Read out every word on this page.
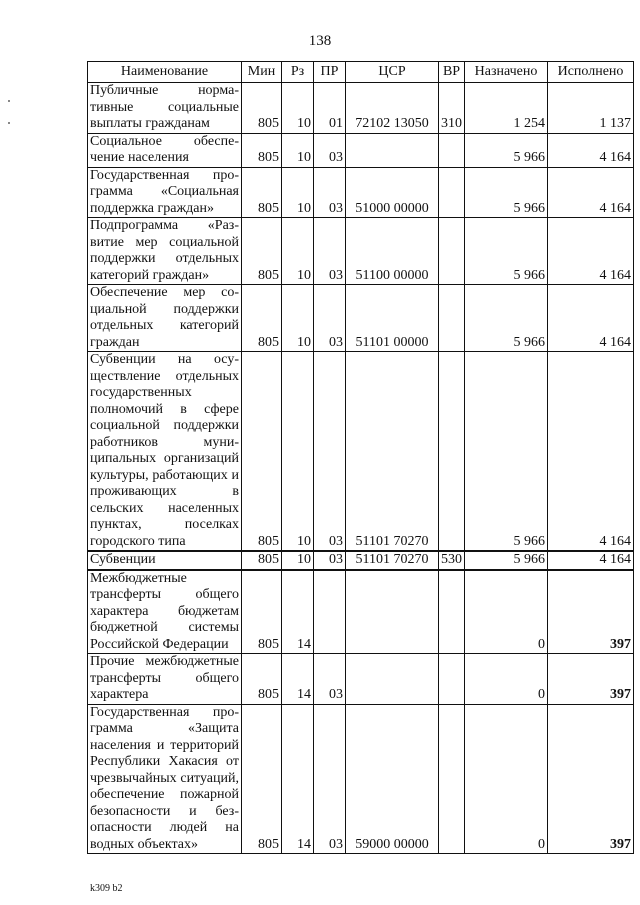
138
Наименование	Мин	Рз	ПР	ЦСР	ВР	Назначено	Исполнено
Публичные нормативные социальные выплаты гражданам	805	10	01	72102 13050	310	1 254	1 137
Социальное обеспечение населения	805	10	03			5 966	4 164
Государственная программа «Социальная поддержка граждан»	805	10	03	51000 00000		5 966	4 164
Подпрограмма «Развитие мер социальной поддержки отдельных категорий граждан»	805	10	03	51100 00000		5 966	4 164
Обеспечение мер социальной поддержки отдельных категорий граждан	805	10	03	51101 00000		5 966	4 164
Субвенции на осуществление отдельных государственных полномочий в сфере социальной поддержки работников муниципальных организаций культуры, работающих и проживающих в сельских населенных пунктах, поселках городского типа	805	10	03	51101 70270		5 966	4 164
Субвенции	805	10	03	51101 70270	530	5 966	4 164
Межбюджетные трансферты общего характера бюджетам бюджетной системы Российской Федерации	805	14				0	397
Прочие межбюджетные трансферты общего характера	805	14	03			0	397
Государственная программа «Защита населения и территорий Республики Хакасия от чрезвычайных ситуаций, обеспечение пожарной безопасности и безопасности людей на водных объектах»	805	14	03	59000 00000		0	397
k309 b2
